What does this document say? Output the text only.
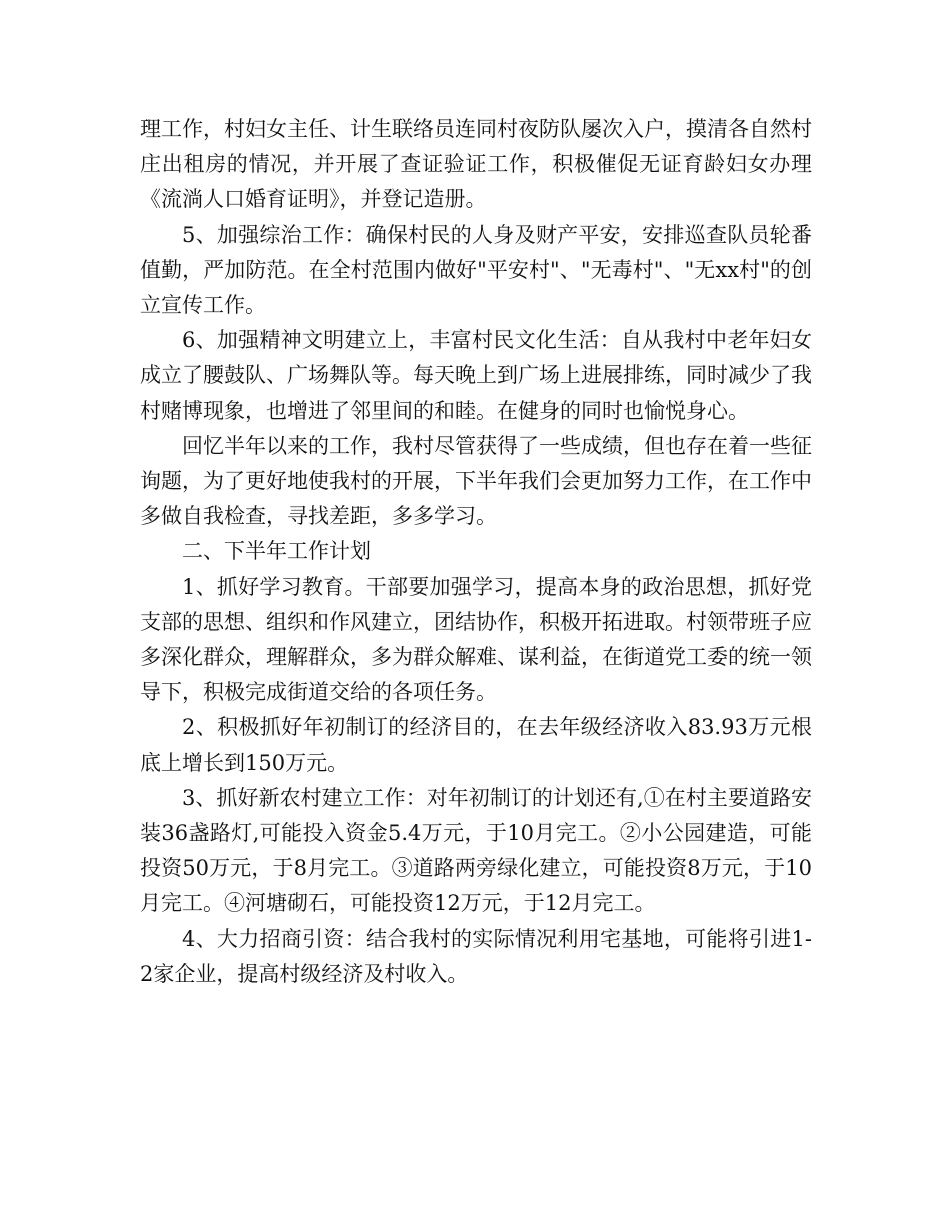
理工作，村妇女主任、计生联络员连同村夜防队屡次入户，摸清各自然村庄出租房的情况，并开展了查证验证工作，积极催促无证育龄妇女办理《流淌人口婚育证明》，并登记造册。

5、加强综治工作：确保村民的人身及财产平安，安排巡查队员轮番值勤，严加防范。在全村范围内做好"平安村"、"无毒村"、"无xx村"的创立宣传工作。

6、加强精神文明建立上，丰富村民文化生活：自从我村中老年妇女成立了腰鼓队、广场舞队等。每天晚上到广场上进展排练，同时减少了我村赌博现象，也增进了邻里间的和睦。在健身的同时也愉悦身心。

回忆半年以来的工作，我村尽管获得了一些成绩，但也存在着一些征询题，为了更好地使我村的开展，下半年我们会更加努力工作，在工作中多做自我检查，寻找差距，多多学习。

二、下半年工作计划

1、抓好学习教育。干部要加强学习，提高本身的政治思想，抓好党支部的思想、组织和作风建立，团结协作，积极开拓进取。村领带班子应多深化群众，理解群众，多为群众解难、谋利益，在街道党工委的统一领导下，积极完成街道交给的各项任务。

2、积极抓好年初制订的经济目的，在去年级经济收入83.93万元根底上增长到150万元。

3、抓好新农村建立工作：对年初制订的计划还有,①在村主要道路安装36盏路灯,可能投入资金5.4万元，于10月完工。②小公园建造，可能投资50万元，于8月完工。③道路两旁绿化建立，可能投资8万元，于10月完工。④河塘砌石，可能投资12万元，于12月完工。

4、大力招商引资：结合我村的实际情况利用宅基地，可能将引进1-2家企业，提高村级经济及村收入。
